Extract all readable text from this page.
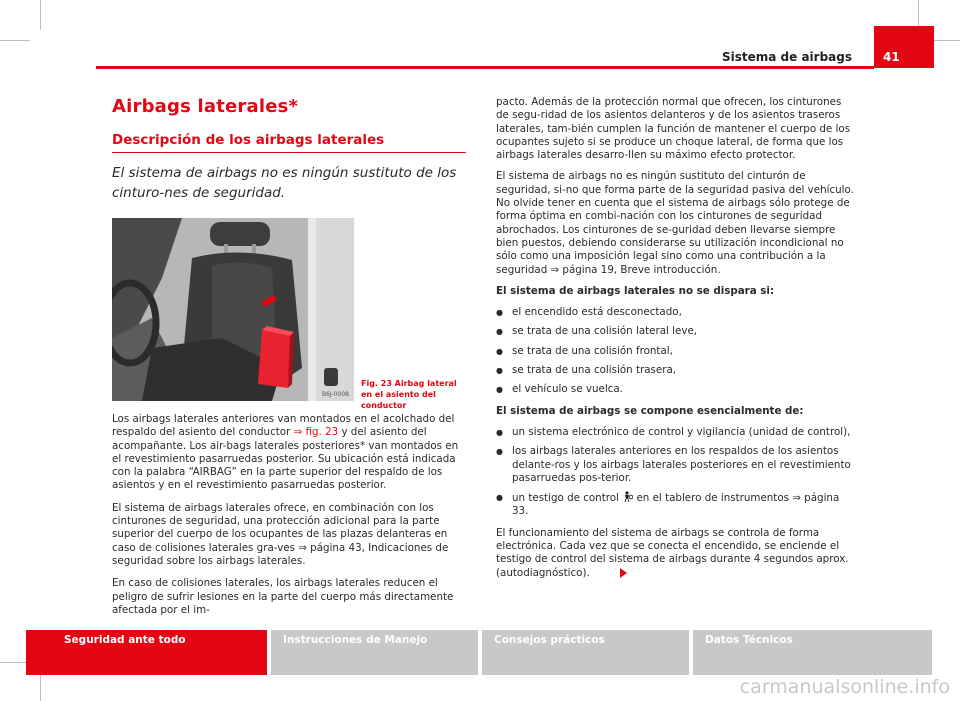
Sistema de airbags	41
Airbags laterales*
Descripción de los airbags laterales
El sistema de airbags no es ningún sustituto de los cinturo-nes de seguridad.
B6J-0008
Fig. 23 Airbag lateral en el asiento del conductor

Los airbags laterales anteriores van montados en el acolchado del respaldo del asiento del conductor ⇒ fig. 23 y del asiento del acompañante. Los air-bags laterales posteriores* van montados en el revestimiento pasarruedas posterior. Su ubicación está indicada con la palabra “AIRBAG” en la parte superior del respaldo de los asientos y en el revestimiento pasarruedas posterior.

El sistema de airbags laterales ofrece, en combinación con los cinturones de seguridad, una protección adicional para la parte superior del cuerpo de los ocupantes de las plazas delanteras en caso de colisiones laterales gra-ves ⇒ página 43, Indicaciones de seguridad sobre los airbags laterales.

En caso de colisiones laterales, los airbags laterales reducen el peligro de sufrir lesiones en la parte del cuerpo más directamente afectada por el im-

pacto. Además de la protección normal que ofrecen, los cinturones de segu-ridad de los asientos delanteros y de los asientos traseros laterales, tam-bién cumplen la función de mantener el cuerpo de los ocupantes sujeto si se produce un choque lateral, de forma que los airbags laterales desarro-llen su máximo efecto protector.

El sistema de airbags no es ningún sustituto del cinturón de seguridad, si-no que forma parte de la seguridad pasiva del vehículo. No olvide tener en cuenta que el sistema de airbags sólo protege de forma óptima en combi-nación con los cinturones de seguridad abrochados. Los cinturones de se-guridad deben llevarse siempre bien puestos, debiendo considerarse su utilización incondicional no sólo como una imposición legal sino como una contribución a la seguridad ⇒ página 19, Breve introducción.

El sistema de airbags laterales no se dispara si:

● el encendido está desconectado,
● se trata de una colisión lateral leve,
● se trata de una colisión frontal,
● se trata de una colisión trasera,
● el vehículo se vuelca.

El sistema de airbags se compone esencialmente de:

● un sistema electrónico de control y vigilancia (unidad de control),
● los airbags laterales anteriores en los respaldos de los asientos delante-ros y los airbags laterales posteriores en el revestimiento pasarruedas pos-terior.
● un testigo de control  en el tablero de instrumentos ⇒ página 33.

El funcionamiento del sistema de airbags se controla de forma electrónica. Cada vez que se conecta el encendido, se enciende el testigo de control del sistema de airbags durante 4 segundos aprox. (autodiagnóstico).

Seguridad ante todo	Instrucciones de Manejo	Consejos prácticos	Datos Técnicos
carmanualsonline.info
